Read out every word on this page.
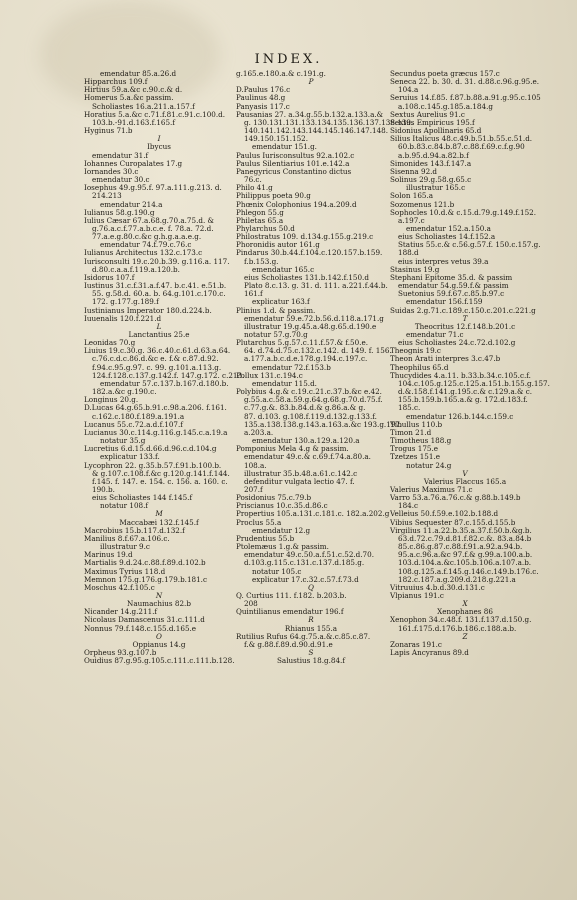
INDEX.
emendatur 85.a.26.d
Hipparchus 109.f
Hirtius 59.a.&c c.90.c.& d.
Homerus 5.a.&c passim.
Scholiastes 16.a.211.a.157.f
Horatius 5.a.&c c.71.f.81.c.91.c.100.d.
103.b.-91.d.163.f.165.f
Hyginus 71.b
I
Ibycus
emendatur 31.f
Iohannes Curopalates 17.g
Iornandes 30.c
emendatur 30.c
Iosephus 49.g.95.f. 97.a.111.g.213. d.
214.213
emendatur 214.a
Iulianus 58.g.190.g
Iulius Cæsar 67.a.68.g.70.a.75.d. &
g.76.a.c.f.77.a.b.c.e. f. 78.a. 72.d.
77.a.e.g.80.c.&c g.h.g.a.a.e.g.
emendatur 74.f.79.c.76.c
Iulianus Architectus 132.c.173.c
Iurisconsulti 19.c.20.b.39. g.116.a. 117.
d.80.c.a.a.f.119.a.120.b.
Isidorus 107.f
Iustinus 31.c.f.31.a.f.47. b.c.41. e.51.b.
55. g.58.d. 60.a. b. 64.g.101.c.170.c.
172. g.177.g.189.f
Iustinianus Imperator 180.d.224.b.
Iuuenalis 120.f.221.d
L
Lanctantius 25.e
Leonidas 70.g
Liuius 19.c.30.g. 36.c.40.c.61.d.63.a.64.
c.76.c.d.c.86.d.&c e. f.& c.87.d.92.
f.94.c.95.g.97. c. 99. g.101.a.113.g.
124.f.128.c.137.g.142.f. 147.g.172. c.213.
emendatur 57.c.137.b.167.d.180.b.
182.a.&c g.190.c.
Longinus 20.g.
D.Lucas 64.g.65.b.91.c.98.a.206. f.161.
c.162.c.180.f.189.a.191.a
Lucanus 55.c.72.a.d.f.107.f
Lucianus 30.c.114.g.116.g.145.c.a.19.a
notatur 35.g
Lucretius 6.d.15.d.66.d.96.c.d.104.g
explicatur 133.f.
Lycophron 22. g.35.b.57.f.91.b.100.b.
& g.107.c.108.f.&c g.120.g.141.f.144.
f.145. f. 147. e. 154. c. 156. a. 160. c.
190.b.
eius Scholiastes 144 f.145.f
notatur 108.f
M
Maccabæi 132.f.145.f
Macrobius 15.b.117.d.132.f
Manilius 8.f.67.a.106.c.
illustratur 9.c
Marinus 19.d
Martialis 9.d.24.c.88.f.89.d.102.b
Maximus Tyrius 118.d
Memnon 175.g.176.g.179.b.181.c
Moschus 42.f.105.c
N
Naumachius 82.b
Nicander 14.g.211.f
Nicolaus Damascenus 31.c.111.d
Nonnus 79.f.148.c.155.d.165.e
O
Oppianus 14.g
Orpheus 93.g.107.b
Ouidius 87.g.95.g.105.c.111.c.111.b.128.
g.165.e.180.a.& c.191.g.
P
D.Paulus 176.c
Paulinus 48.g
Panyasis 117.c
Pausanias 27. a.34.g.55.b.132.a.133.a.&
g. 130.131.131.133.134.135.136.137.138.139.
140.141.142.143.144.145.146.147.148.
149.150.151.152.
emendatur 151.g.
Paulus Iurisconsultus 92.a.102.c
Paulus Silentiarius 101.e.142.a
Panegyricus Constantino dictus
76.c.
Philo 41.g
Philippus poeta 90.g
Phœnix Colophonius 194.a.209.d
Phlegon 55.g
Philetas 65.a
Phylarchus 50.d
Philostratus 109. d.134.g.155.g.219.c
Phoronidis autor 161.g
Pindarus 30.b.44.f.104.c.120.157.b.159.
f.b.153.g.
emendatur 165.c
eius Scholiastes 131.b.142.f.150.d
Plato 8.c.13. g. 31. d. 111. a.221.f.44.b.
161.f
explicatur 163.f
Plinius 1.d. & passim.
emendatur 59.e.72.b.56.d.118.a.171.g
illustratur 19.g.45.a.48.g.65.d.190.e
notatur 57.g.70.g
Plutarchus 5.g.57.c.11.f.57.& f.50.e.
64. d.74.d.75.c.132.c.142. d. 149. f. 156.
a.177.a.b.c.d.e.178.g.194.c.197.c.
emendatur 72.f.153.b
Pollux 131.c.194.c
emendatur 115.d.
Polybius 4.g.& c.19.c.21.c.37.b.&c e.42.
g.55.a.c.58.a.59.g.64.g.68.g.70.d.75.f.
c.77.g.&. 83.b.84.d.& g.86.a.& g.
87. d.103. g.108.f.119.d.132.g.133.f.
135.a.138.138.g.143.a.163.a.&c 193.g.197.
a.203.a.
emendatur 130.a.129.a.120.a
Pomponius Mela 4.g & passim.
emendatur 49.c.& c.69.f.74.a.80.a.
108.a.
illustratur 35.b.48.a.61.c.142.c
defenditur vulgata lectio 47. f.
207.f
Posidonius 75.c.79.b
Priscianus 10.c.35.d.86.c
Propertius 105.a.131.c.181.c. 182.a.202.g
Proclus 55.a
emendatur 12.g
Prudentius 55.b
Ptolemæus 1.g.& passim.
emendatur 49.c.50.a.f.51.c.52.d.70.
d.103.g.115.c.131.c.137.d.185.g.
notatur 105.c
explicatur 17.c.32.c.57.f.73.d
Q
Q. Curtius 111. f.182. b.203.b.
208
Quintilianus emendatur 196.f
R
Rhianus 155.a
Rutilius Rufus 64.g.75.a.&.c.85.c.87.
f.& g.88.f.89.d.90.d.91.e
S
Salustius 18.g.84.f
Secundus poeta græcus 157.c
Seneca 22. b. 30. d. 31. d.88.c.96.g.95.e.
104.a
Seruius 14.f.85. f.87.b.88.a.91.g.95.c.105
a.108.c.145.g.185.a.184.g
Sextus Aurelius 91.c
Sextus Empiricus 195.f
Sidonius Apollinaris 65.d
Silius Italicus 48.c.49.b.51.b.55.c.51.d.
60.b.83.c.84.b.87.c.88.f.69.c.f.g.90
a.b.95.d.94.a.82.b.f
Simonides 143.f.147.a
Sisenna 92.d
Solinus 29.g.58.g.65.c
illustratur 165.c
Solon 165.a
Sozomenus 121.b
Sophocles 10.d.& c.15.d.79.g.149.f.152.
a.197.c
emendatur 152.a.150.a
eius Scholiastes 14.f.152.a
Statius 55.c.& c.56.g.57.f. 150.c.157.g.
188.d
eius interpres vetus 39.a
Stasinus 19.g
Stephani Epitome 35.d. & passim
emendatur 54.g.59.f.& passim
Suetonius 59.f.67.c.85.b.97.c
emendatur 156.f.159
Suidas 2.g.71.c.189.c.150.c.201.c.221.g
T
Theocritus 12.f.148.b.201.c
emendatur 71.c
eius Scholiastes 24.c.72.d.102.g
Theognis 19.c
Theon Arati interpres 3.c.47.b
Theophilus 65.d
Thucydides 4.a.11. b.33.b.34.c.105.c.f.
104.c.105.g.125.c.125.a.151.b.155.g.157.
d.&.158.f.141.g.195.c.& c.129.a.& c.
155.b.159.b.165.a.& g. 172.d.183.f.
185.c.
emendatur 126.b.144.c.159.c
Tibullus 110.b
Timon 21.d
Timotheus 188.g
Trogus 175.e
Tzetzes 151.e
notatur 24.g
V
Valerius Flaccus 165.a
Valerius Maximus 71.c
Varro 53.a.76.a.76.c.& g.88.b.149.b
184.c
Velleius 50.f.59.e.102.b.188.d
Vibius Sequester 87.c.155.d.155.b
Virgilius 11.a.22.b.35.a.37.f.50.b.&g.b.
63.d.72.c.79.d.81.f.82.c.&. 83.a.84.b
85.c.86.g.87.c.88.f.91.a.92.a.94.b.
95.a.c.96.a.&c 97.f.& g.99.a.100.a.b.
103.d.104.a.&c.105.b.106.a.107.a.b.
108.g.125.a.f.145.g.146.c.149.b.176.c.
182.c.187.a.g.209.d.218.g.221.a
Vitruuius 4.b.d.30.d.131.c
Vlpianus 191.c
X
Xenophanes 86
Xenophon 34.c.48.f. 131.f.137.d.150.g.
161.f.175.d.176.b.186.c.188.a.b.
Z
Zonaras 191.c
Lapis Ancyranus 89.d
